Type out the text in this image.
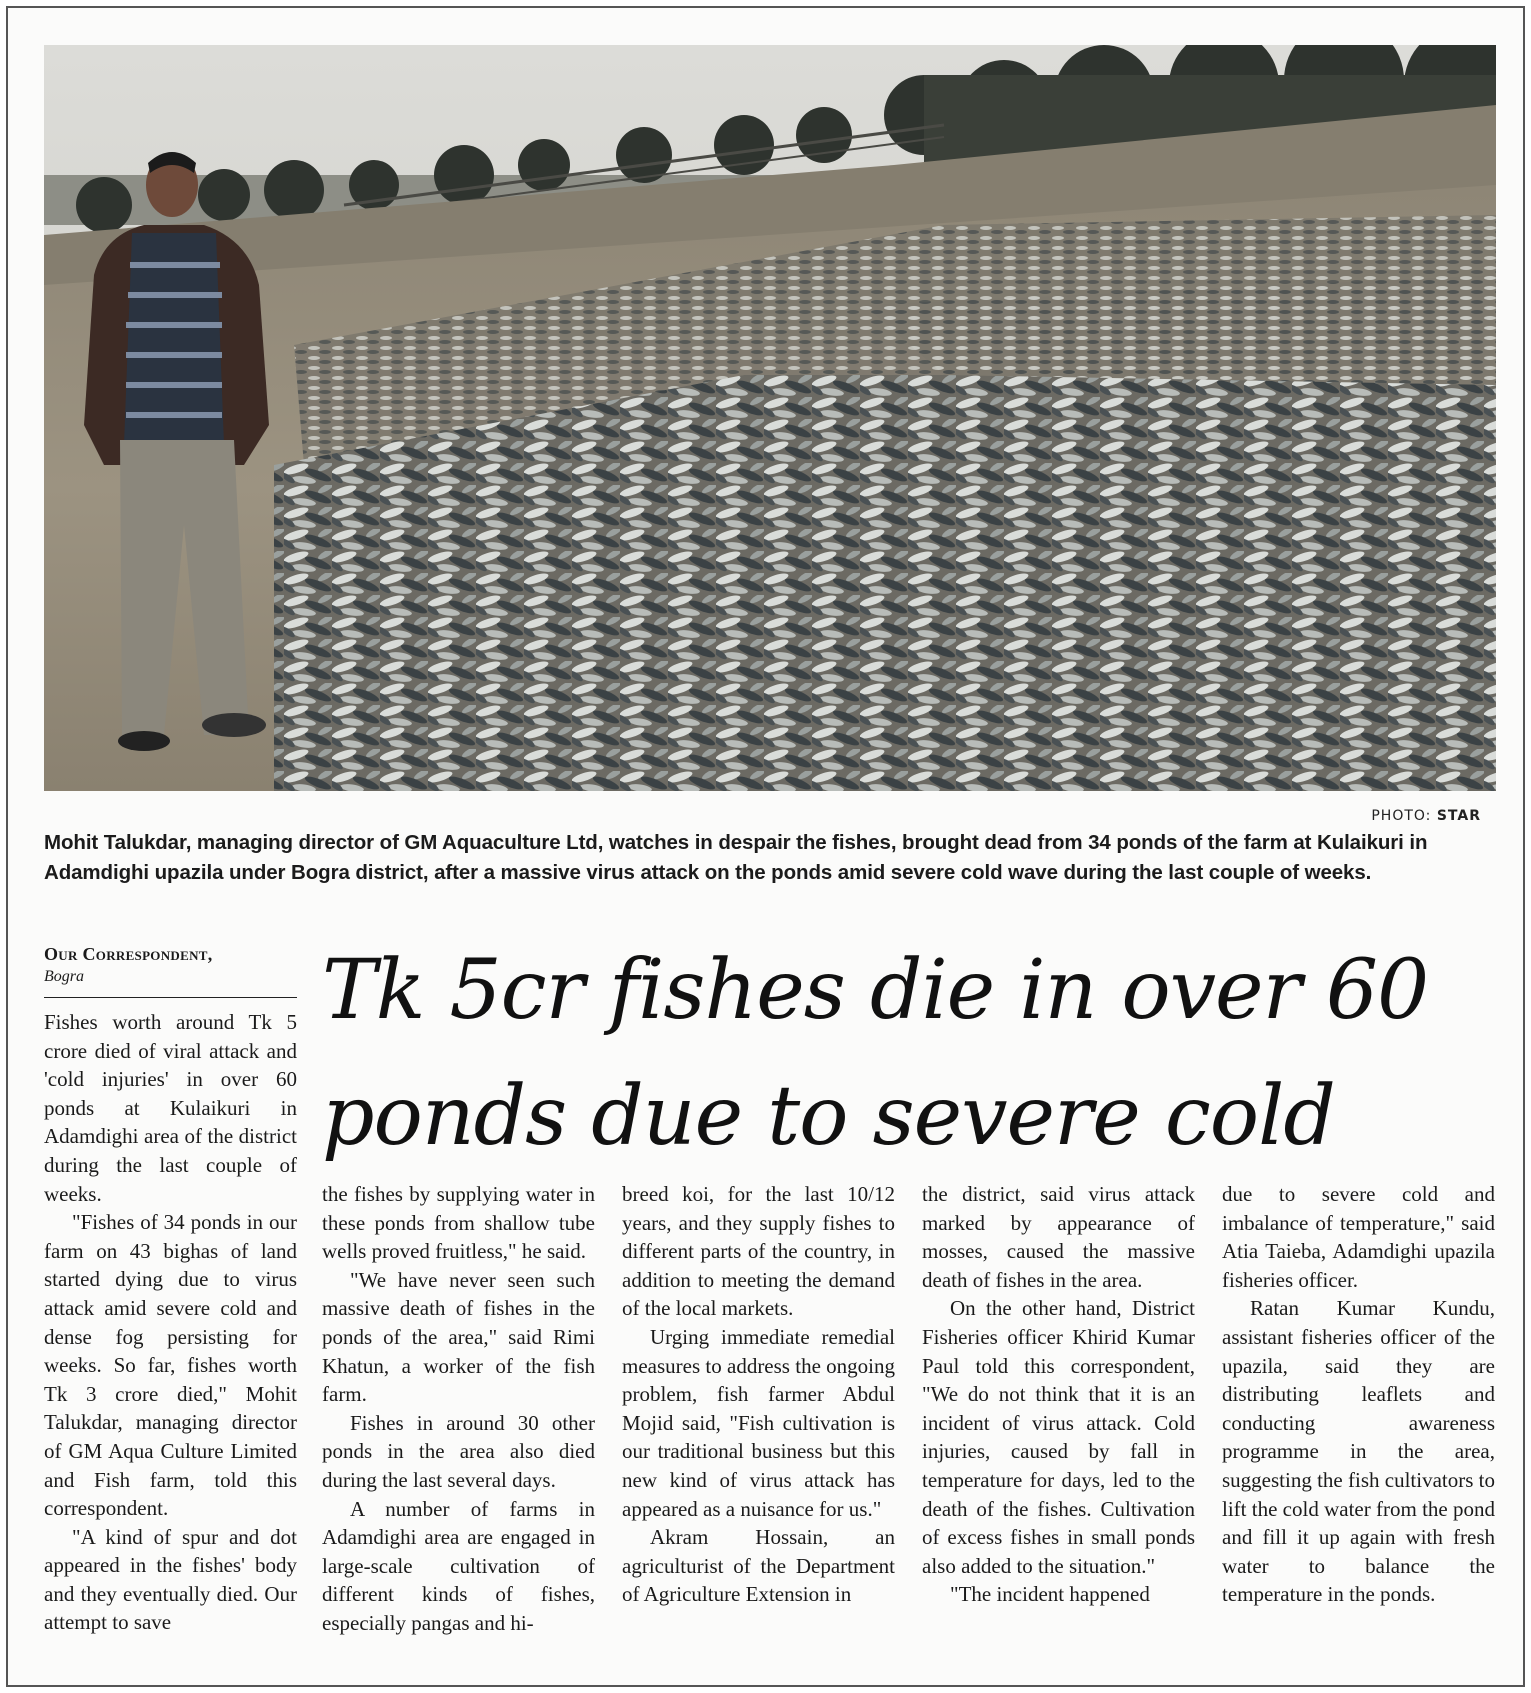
PHOTO: STAR
Mohit Talukdar, managing director of GM Aquaculture Ltd, watches in despair the fishes, brought dead from 34 ponds of the farm at Kulaikuri in Adamdighi upazila under Bogra district, after a massive virus attack on the ponds amid severe cold wave during the last couple of weeks.
Our Correspondent,
Bogra	Tk 5cr fishes die in over 60
ponds due to severe cold

Fishes worth around Tk 5 crore died of viral attack and 'cold injuries' in over 60 ponds at Kulaikuri in Adamdighi area of the district during the last couple of weeks.

"Fishes of 34 ponds in our farm on 43 bighas of land started dying due to virus attack amid severe cold and dense fog persisting for weeks. So far, fishes worth Tk 3 crore died," Mohit Talukdar, managing director of GM Aqua Culture Limited and Fish farm, told this correspondent.

"A kind of spur and dot appeared in the fishes' body and they eventually died. Our attempt to save

the fishes by supplying water in these ponds from shallow tube wells proved fruitless," he said.

"We have never seen such massive death of fishes in the ponds of the area," said Rimi Khatun, a worker of the fish farm.

Fishes in around 30 other ponds in the area also died during the last several days.

A number of farms in Adamdighi area are engaged in large-scale cultivation of different kinds of fishes, especially pangas and hi-

breed koi, for the last 10/12 years, and they supply fishes to different parts of the country, in addition to meeting the demand of the local markets.

Urging immediate remedial measures to address the ongoing problem, fish farmer Abdul Mojid said, "Fish cultivation is our traditional business but this new kind of virus attack has appeared as a nuisance for us."

Akram Hossain, an agriculturist of the Department of Agriculture Extension in

the district, said virus attack marked by appearance of mosses, caused the massive death of fishes in the area.

On the other hand, District Fisheries officer Khirid Kumar Paul told this correspondent, "We do not think that it is an incident of virus attack. Cold injuries, caused by fall in temperature for days, led to the death of the fishes. Cultivation of excess fishes in small ponds also added to the situation."

"The incident happened

due to severe cold and imbalance of temperature," said Atia Taieba, Adamdighi upazila fisheries officer.

Ratan Kumar Kundu, assistant fisheries officer of the upazila, said they are distributing leaflets and conducting awareness programme in the area, suggesting the fish cultivators to lift the cold water from the pond and fill it up again with fresh water to balance the temperature in the ponds.
